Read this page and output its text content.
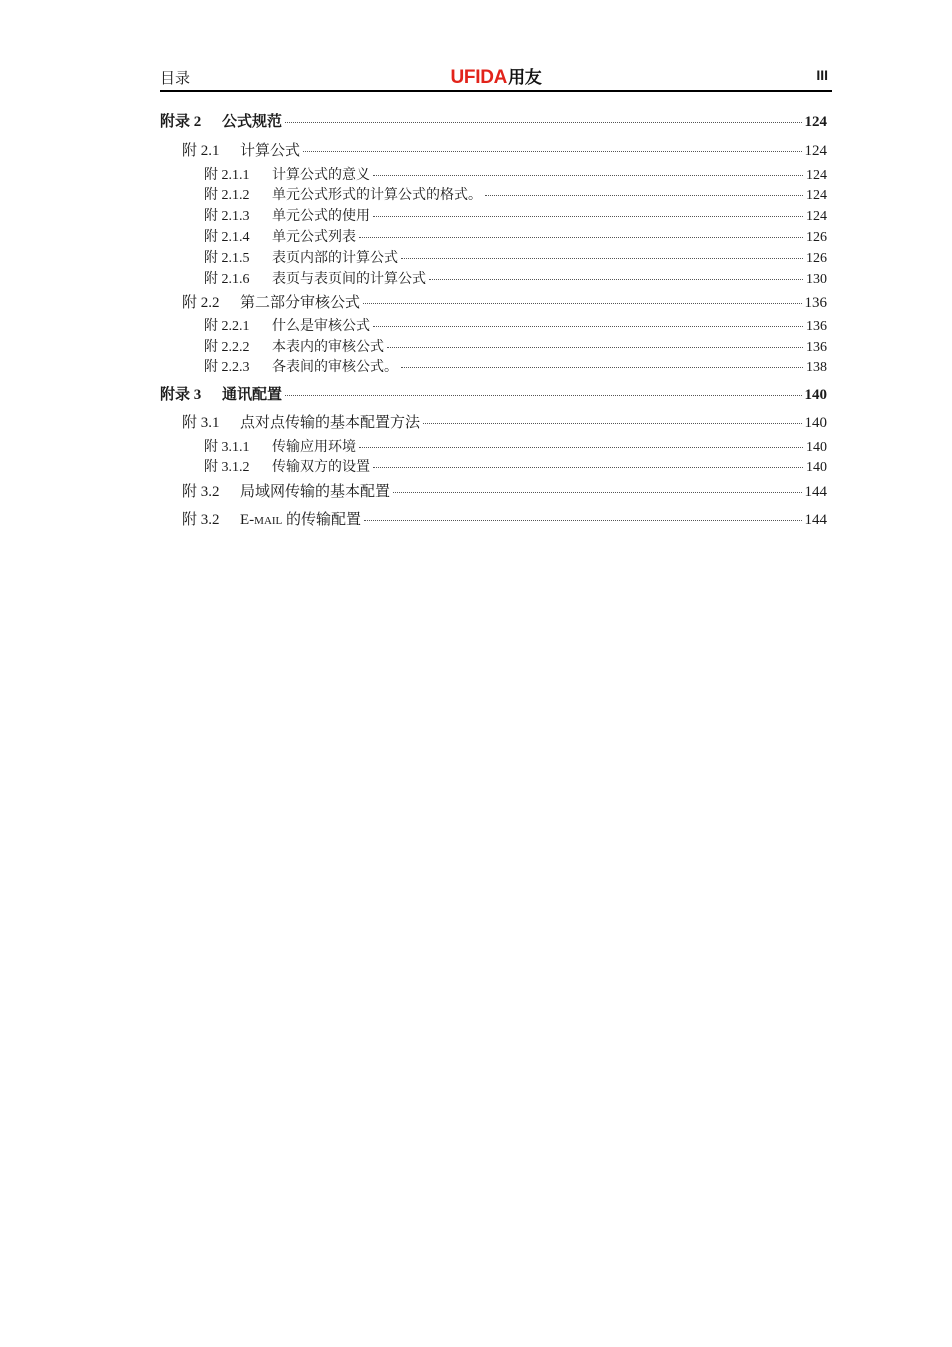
目录	UFIDA用友	III
附录 2	公式规范	124
附 2.1	计算公式	124
附 2.1.1	计算公式的意义	124
附 2.1.2	单元公式形式的计算公式的格式。	124
附 2.1.3	单元公式的使用	124
附 2.1.4	单元公式列表	126
附 2.1.5	表页内部的计算公式	126
附 2.1.6	表页与表页间的计算公式	130
附 2.2	第二部分审核公式	136
附 2.2.1	什么是审核公式	136
附 2.2.2	本表内的审核公式	136
附 2.2.3	各表间的审核公式。	138
附录 3	通讯配置	140
附 3.1	点对点传输的基本配置方法	140
附 3.1.1	传输应用环境	140
附 3.1.2	传输双方的设置	140
附 3.2	局域网传输的基本配置	144
附 3.2	E-MAIL 的传输配置	144
